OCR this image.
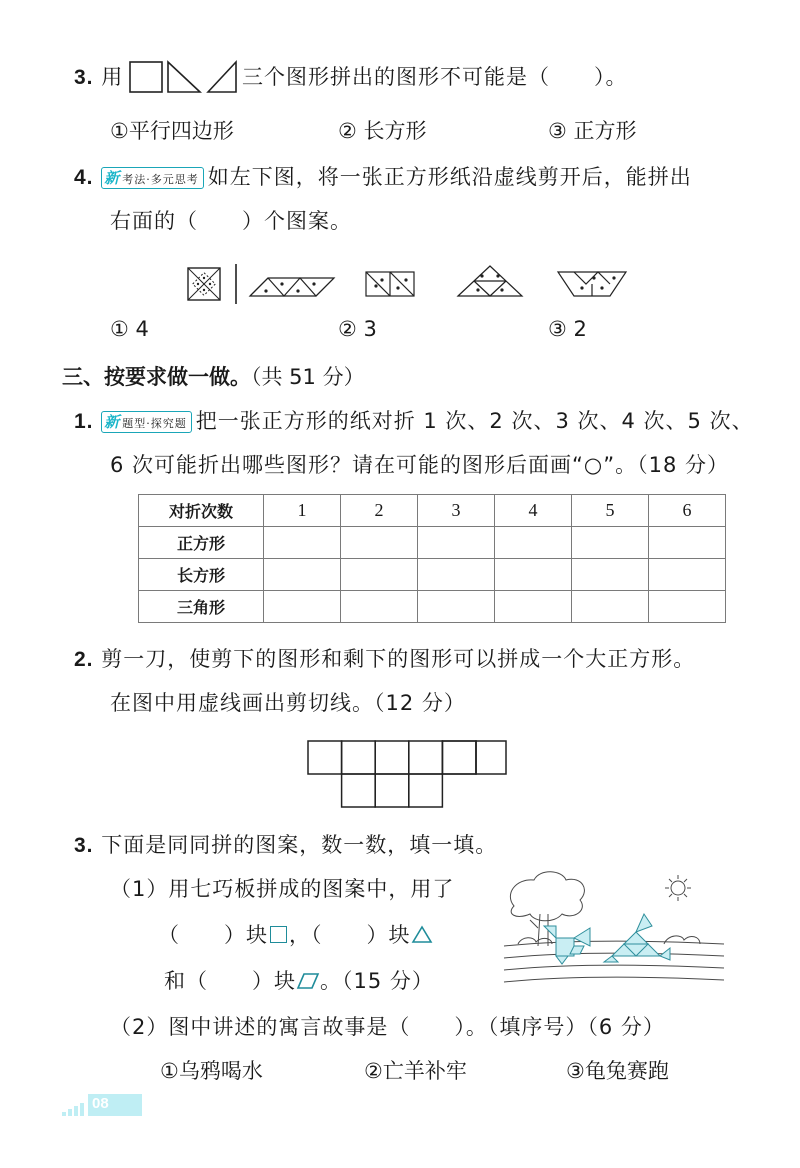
3. 用	三个图形拼出的图形不可能是（　　）。
①平行四边形	② 长方形	③ 正方形
4. 新 考法·多元思考 如左下图，将一张正方形纸沿虚线剪开后，能拼出
右面的（　　）个图案。
① 4	② 3	③ 2
三、按要求做一做。（共 51 分）
1. 新 题型·探究题 把一张正方形的纸对折 1 次、2 次、3 次、4 次、5 次、
6 次可能折出哪些图形？请在可能的图形后面画“○”。（18 分）
对折次数	1	2	3	4	5	6
正方形						
长方形						
三角形						
2. 剪一刀，使剪下的图形和剩下的图形可以拼成一个大正方形。
在图中用虚线画出剪切线。（12 分）
3. 下面是同同拼的图案，数一数，填一填。
（1）用七巧板拼成的图案中，用了
（　　）块 ，（　　）块
和（　　）块 。（15 分）
（2）图中讲述的寓言故事是（　　）。（填序号）（6 分）
①乌鸦喝水	②亡羊补牢	③龟兔赛跑
08
